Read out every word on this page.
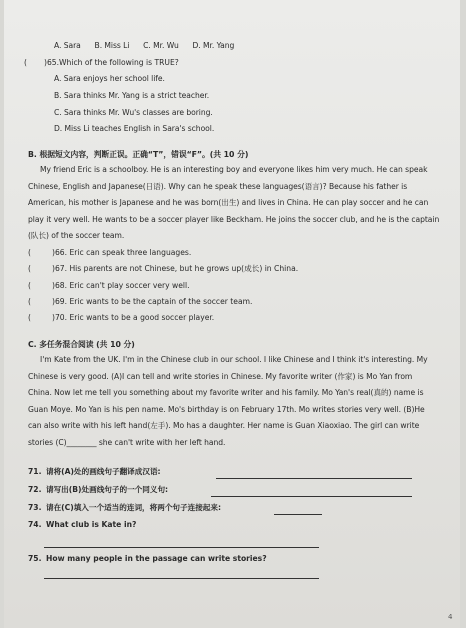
A. Sara B. Miss Li C. Mr. Wu D. Mr. Yang
( )65.Which of the following is TRUE?
A. Sara enjoys her school life.
B. Sara thinks Mr. Yang is a strict teacher.
C. Sara thinks Mr. Wu's classes are boring.
D. Miss Li teaches English in Sara's school.
B. 根据短文内容，判断正误。正确“T”，错误“F”。(共 10 分)
My friend Eric is a schoolboy. He is an interesting boy and everyone likes him very much. He can speak
Chinese, English and Japanese(日语). Why can he speak these languages(语言)? Because his father is
American, his mother is Japanese and he was born(出生) and lives in China. He can play soccer and he can
play it very well. He wants to be a soccer player like Beckham. He joins the soccer club, and he is the captain
(队长) of the soccer team.
(	)66. Eric can speak three languages.
(	)67. His parents are not Chinese, but he grows up(成长) in China.
(	)68. Eric can't play soccer very well.
(	)69. Eric wants to be the captain of the soccer team.
(	)70. Eric wants to be a good soccer player.
C. 多任务混合阅读 (共 10 分)
I'm Kate from the UK. I'm in the Chinese club in our school. I like Chinese and I think it's interesting. My
Chinese is very good. (A)I can tell and write stories in Chinese. My favorite writer (作家) is Mo Yan from
China. Now let me tell you something about my favorite writer and his family. Mo Yan's real(真的) name is
Guan Moye. Mo Yan is his pen name. Mo's birthday is on February 17th. Mo writes stories very well. (B)He
can also write with his left hand(左手). Mo has a daughter. Her name is Guan Xiaoxiao. The girl can write
stories (C)________ she can't write with her left hand.
71. 请将(A)处的画线句子翻译成汉语:
72. 请写出(B)处画线句子的一个同义句:
73. 请在(C)填入一个适当的连词，将两个句子连接起来:
74. What club is Kate in?
75. How many people in the passage can write stories?
4
